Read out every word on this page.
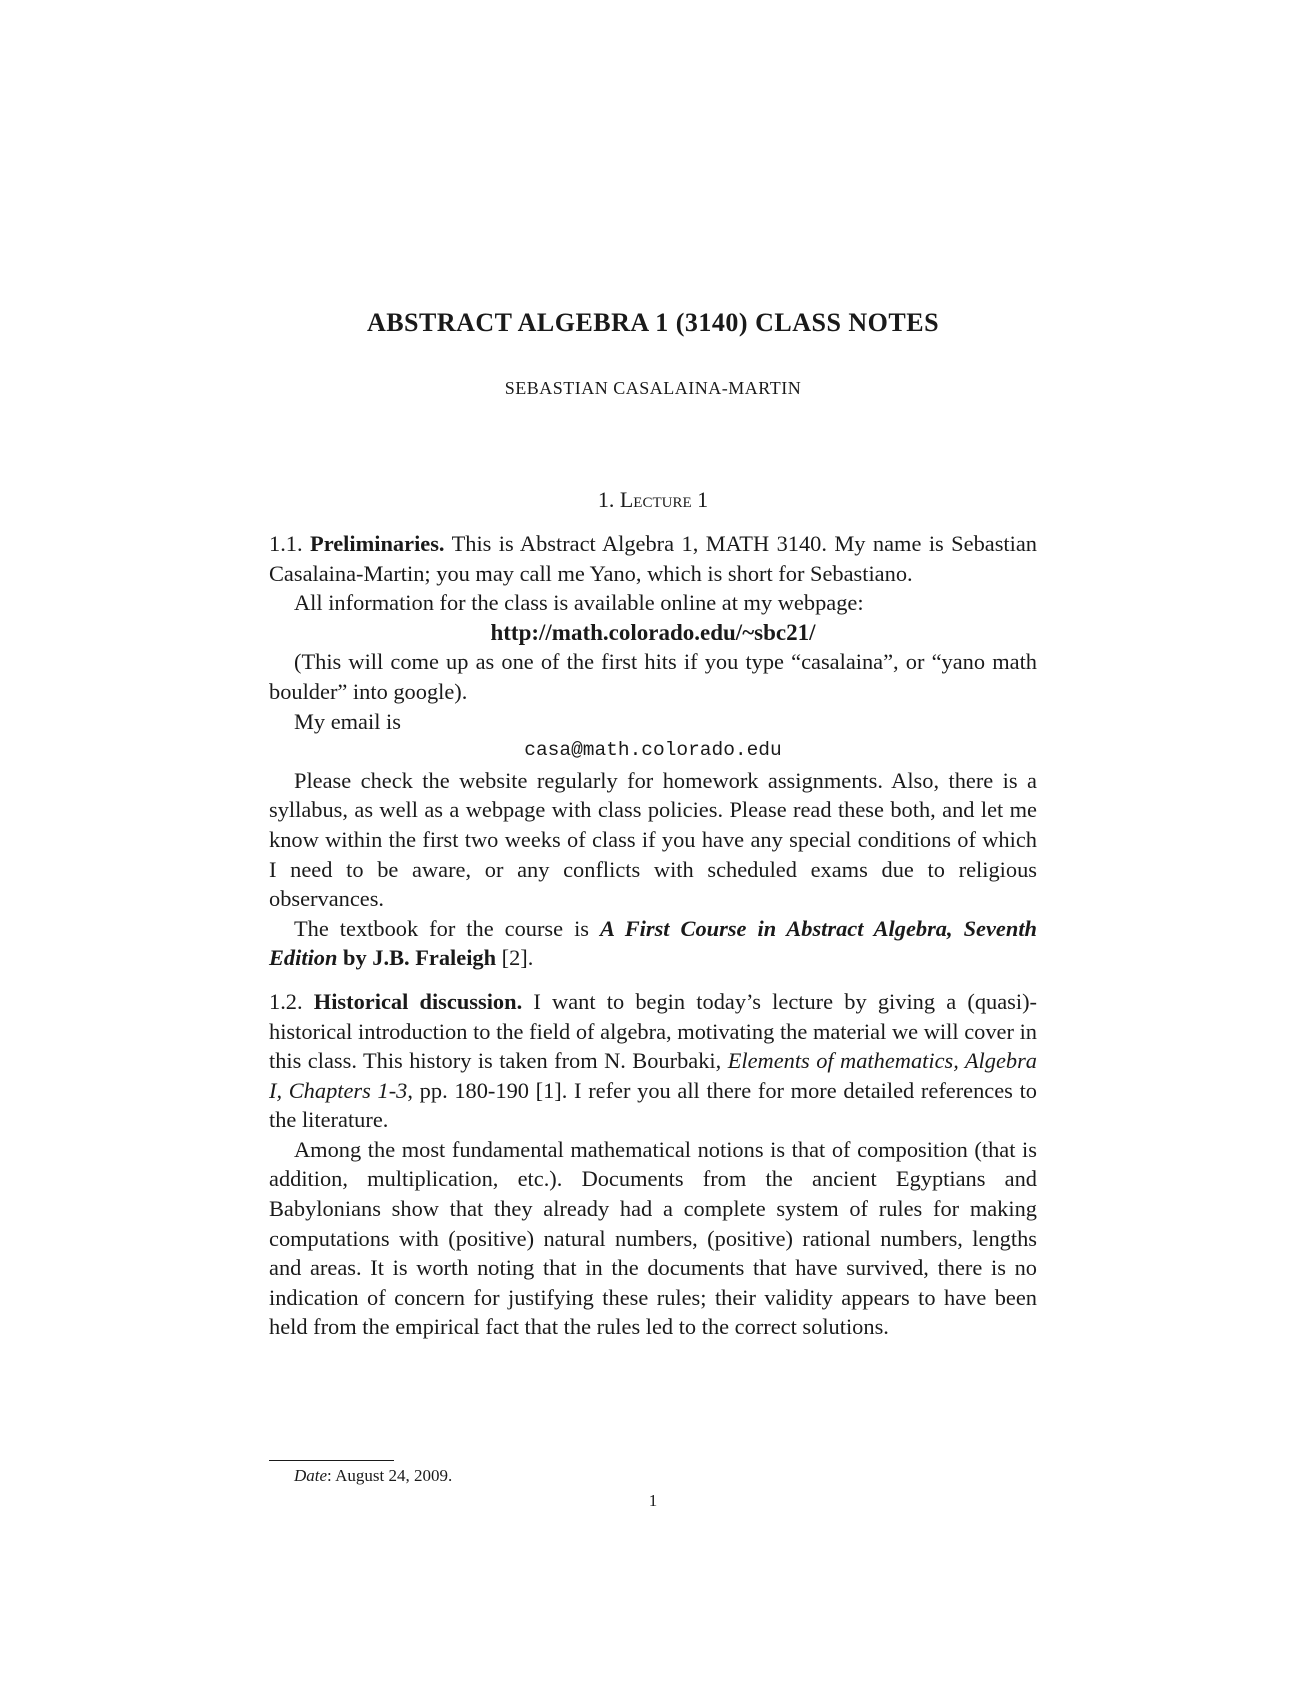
ABSTRACT ALGEBRA 1 (3140) CLASS NOTES
SEBASTIAN CASALAINA-MARTIN
1. Lecture 1

1.1. Preliminaries. This is Abstract Algebra 1, MATH 3140. My name is Sebastian Casalaina-Martin; you may call me Yano, which is short for Sebastiano.

All information for the class is available online at my webpage:

http://math.colorado.edu/~sbc21/

(This will come up as one of the first hits if you type “casalaina”, or “yano math boulder” into google).

My email is

casa@math.colorado.edu

Please check the website regularly for homework assignments. Also, there is a syllabus, as well as a webpage with class policies. Please read these both, and let me know within the first two weeks of class if you have any special conditions of which I need to be aware, or any conflicts with scheduled exams due to religious observances.

The textbook for the course is A First Course in Abstract Algebra, Seventh Edition by J.B. Fraleigh [2].

1.2. Historical discussion. I want to begin today’s lecture by giving a (quasi)-historical introduction to the field of algebra, motivating the material we will cover in this class. This history is taken from N. Bourbaki, Elements of mathematics, Algebra I, Chapters 1-3, pp. 180-190 [1]. I refer you all there for more detailed references to the literature.

Among the most fundamental mathematical notions is that of composition (that is addition, multiplication, etc.). Documents from the ancient Egyptians and Babylonians show that they already had a complete system of rules for making computations with (positive) natural numbers, (positive) rational numbers, lengths and areas. It is worth noting that in the documents that have survived, there is no indication of concern for justifying these rules; their validity appears to have been held from the empirical fact that the rules led to the correct solutions.

Date: August 24, 2009.
1
